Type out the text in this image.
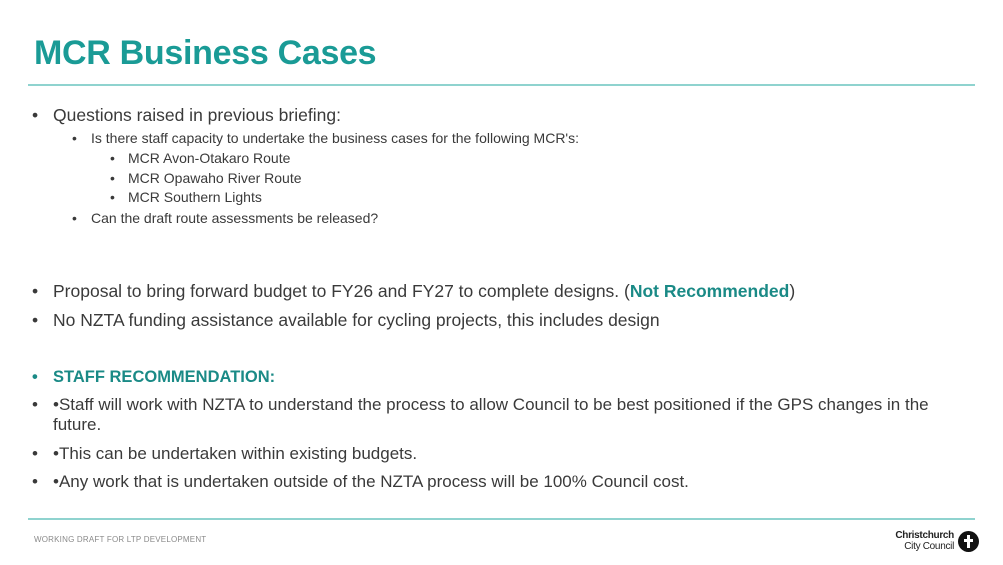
MCR Business Cases
• Questions raised in previous briefing:
• Is there staff capacity to undertake the business cases for the following MCR's:
• MCR Avon-Otakaro Route
• MCR Opawaho River Route
• MCR Southern Lights
• Can the draft route assessments be released?
• Proposal to bring forward budget to FY26 and FY27 to complete designs. (Not Recommended)
• No NZTA funding assistance available for cycling projects, this includes design
• STAFF RECOMMENDATION:
• •Staff will work with NZTA to understand the process to allow Council to be best positioned if the GPS changes in the future.
• •This can be undertaken within existing budgets.
• •Any work that is undertaken outside of the NZTA process will be 100% Council cost.
WORKING DRAFT FOR LTP DEVELOPMENT	Christchurch
City Council
